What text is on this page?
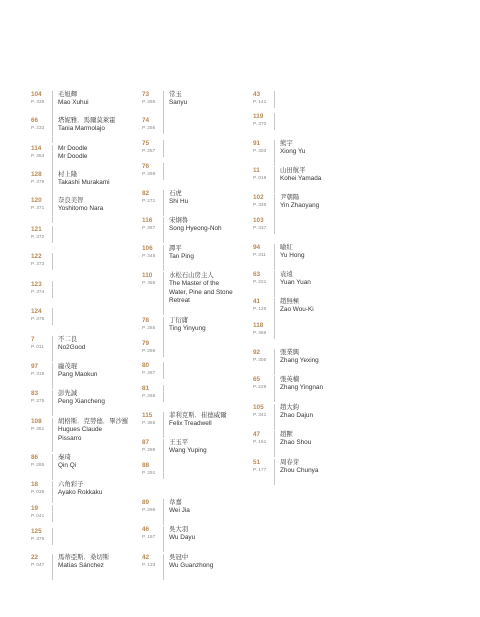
104
P. 339
毛旭輝
Mao Xuhui
66
P. 233
塔妮雅．馬爾莫萊霍
Tania Marmolajo
114
P. 363
Mr Doodle
Mr Doodle
128
P. 379
村上隆
Takashi Murakami
120
P. 371
奈良美智
Yoshitomo Nara
121
P. 372
122
P. 373
123
P. 374
124
P. 375
7
P. 011
不二良
No2Good
97
P. 319
龐茂琨
Pang Maokun
83
P. 275
彭先誠
Peng Xiancheng
108
P. 351
胡格斯．克勞德．畢沙羅
Hugues Claude
Pissarro
86
P. 285
秦琦
Qin Qi
18
P. 039
六角彩子
Ayako Rokkaku
19
P. 041
125
P. 376
22
P. 047
馬蒂亞斯．桑切斯
Matías Sánchez
73
P. 255
常玉
Sanyu
74
P. 256
75
P. 257
76
P. 259
82
P. 271
石虎
Shi Hu
116
P. 367
宋炯魯
Song Hyeong-Noh
106
P. 345
譚平
Tan Ping
110
P. 355
水松石山房主人
The Master of the
Water, Pine and Stone
Retreat
78
P. 265
丁衍庸
Ting Yinyung
79
P. 266
80
P. 267
81
P. 268
115
P. 365
菲利克斯．崔德威爾
Felix Treadwell
87
P. 289
王玉平
Wang Yuping
88
P. 291
89
P. 295
韋嘉
Wei Jia
46
P. 157
吳大羽
Wu Dayu
42
P. 133
吳冠中
Wu Guanzhong
43
P. 141
119
P. 370
91
P. 303
熊宇
Xiong Yu
11
P. 019
山田航平
Kohei Yamada
102
P. 335
尹朝陽
Yin Zhaoyang
103
P. 337
94
P. 311
喻紅
Yu Hong
63
P. 221
袁遠
Yuan Yuan
41
P. 125
趙無極
Zao Wou-Ki
118
P. 369
92
P. 305
張業興
Zhang Yexing
65
P. 229
張英楠
Zhang Yingnan
105
P. 341
趙大鈞
Zhao Dajun
47
P. 161
趙獸
Zhao Shou
51
P. 177
周春芽
Zhou Chunya
